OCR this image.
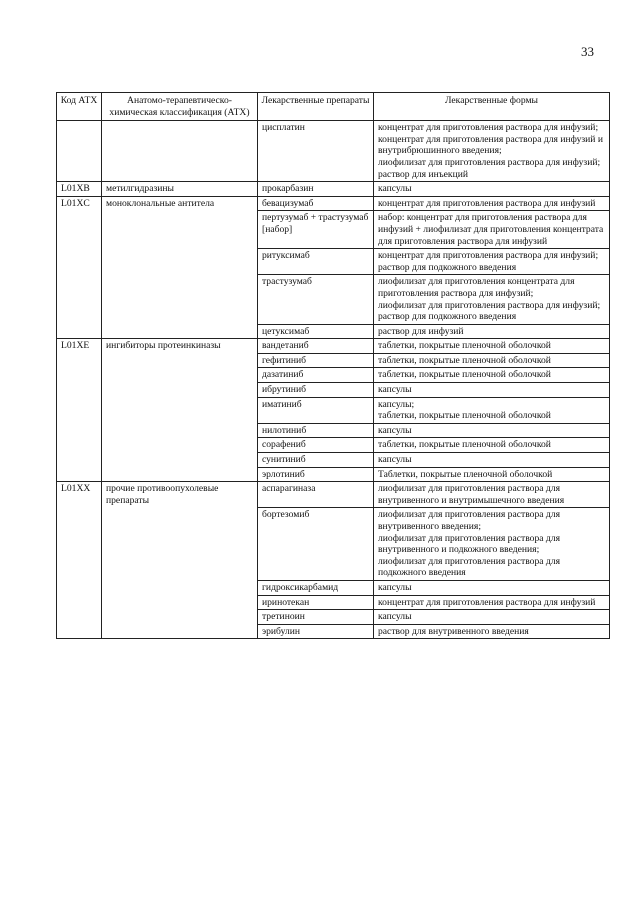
33
Код АТХ	Анатомо-терапевтическо-химическая классификация (АТХ)	Лекарственные препараты	Лекарственные формы
		цисплатин	концентрат для приготовления раствора для инфузий;
концентрат для приготовления раствора для инфузий и внутрибрюшинного введения;
лиофилизат для приготовления раствора для инфузий;
раствор для инъекций

L01XB	метилгидразины	прокарбазин	капсулы

L01XC	моноклональные антитела	бевацизумаб	концентрат для приготовления раствора для инфузий

		пертузумаб + трастузумаб [набор]	набор: концентрат для приготовления раствора для инфузий + лиофилизат для приготовления концентрата для приготовления раствора для инфузий

		ритуксимаб	концентрат для приготовления раствора для инфузий;
раствор для подкожного введения

		трастузумаб	лиофилизат для приготовления концентрата для приготовления раствора для инфузий;
лиофилизат для приготовления раствора для инфузий;
раствор для подкожного введения

		цетуксимаб	раствор для инфузий

L01XE	ингибиторы протеинкиназы	вандетаниб	таблетки, покрытые пленочной оболочкой

		гефитиниб	таблетки, покрытые пленочной оболочкой

		дазатиниб	таблетки, покрытые пленочной оболочкой

		ибрутиниб	капсулы

		иматиниб	капсулы;
таблетки, покрытые пленочной оболочкой

		нилотиниб	капсулы

		сорафениб	таблетки, покрытые пленочной оболочкой

		сунитиниб	капсулы

		эрлотиниб	Таблетки, покрытые пленочной оболочкой

L01XX	прочие противоопухолевые препараты	аспарагиназа	лиофилизат для приготовления раствора для внутривенного и внутримышечного введения

		бортезомиб	лиофилизат для приготовления раствора для внутривенного введения;
лиофилизат для приготовления раствора для внутривенного и подкожного введения;
лиофилизат для приготовления раствора для подкожного введения

		гидроксикарбамид	капсулы

		иринотекан	концентрат для приготовления раствора для инфузий

		третиноин	капсулы

		эрибулин	раствор для внутривенного введения
